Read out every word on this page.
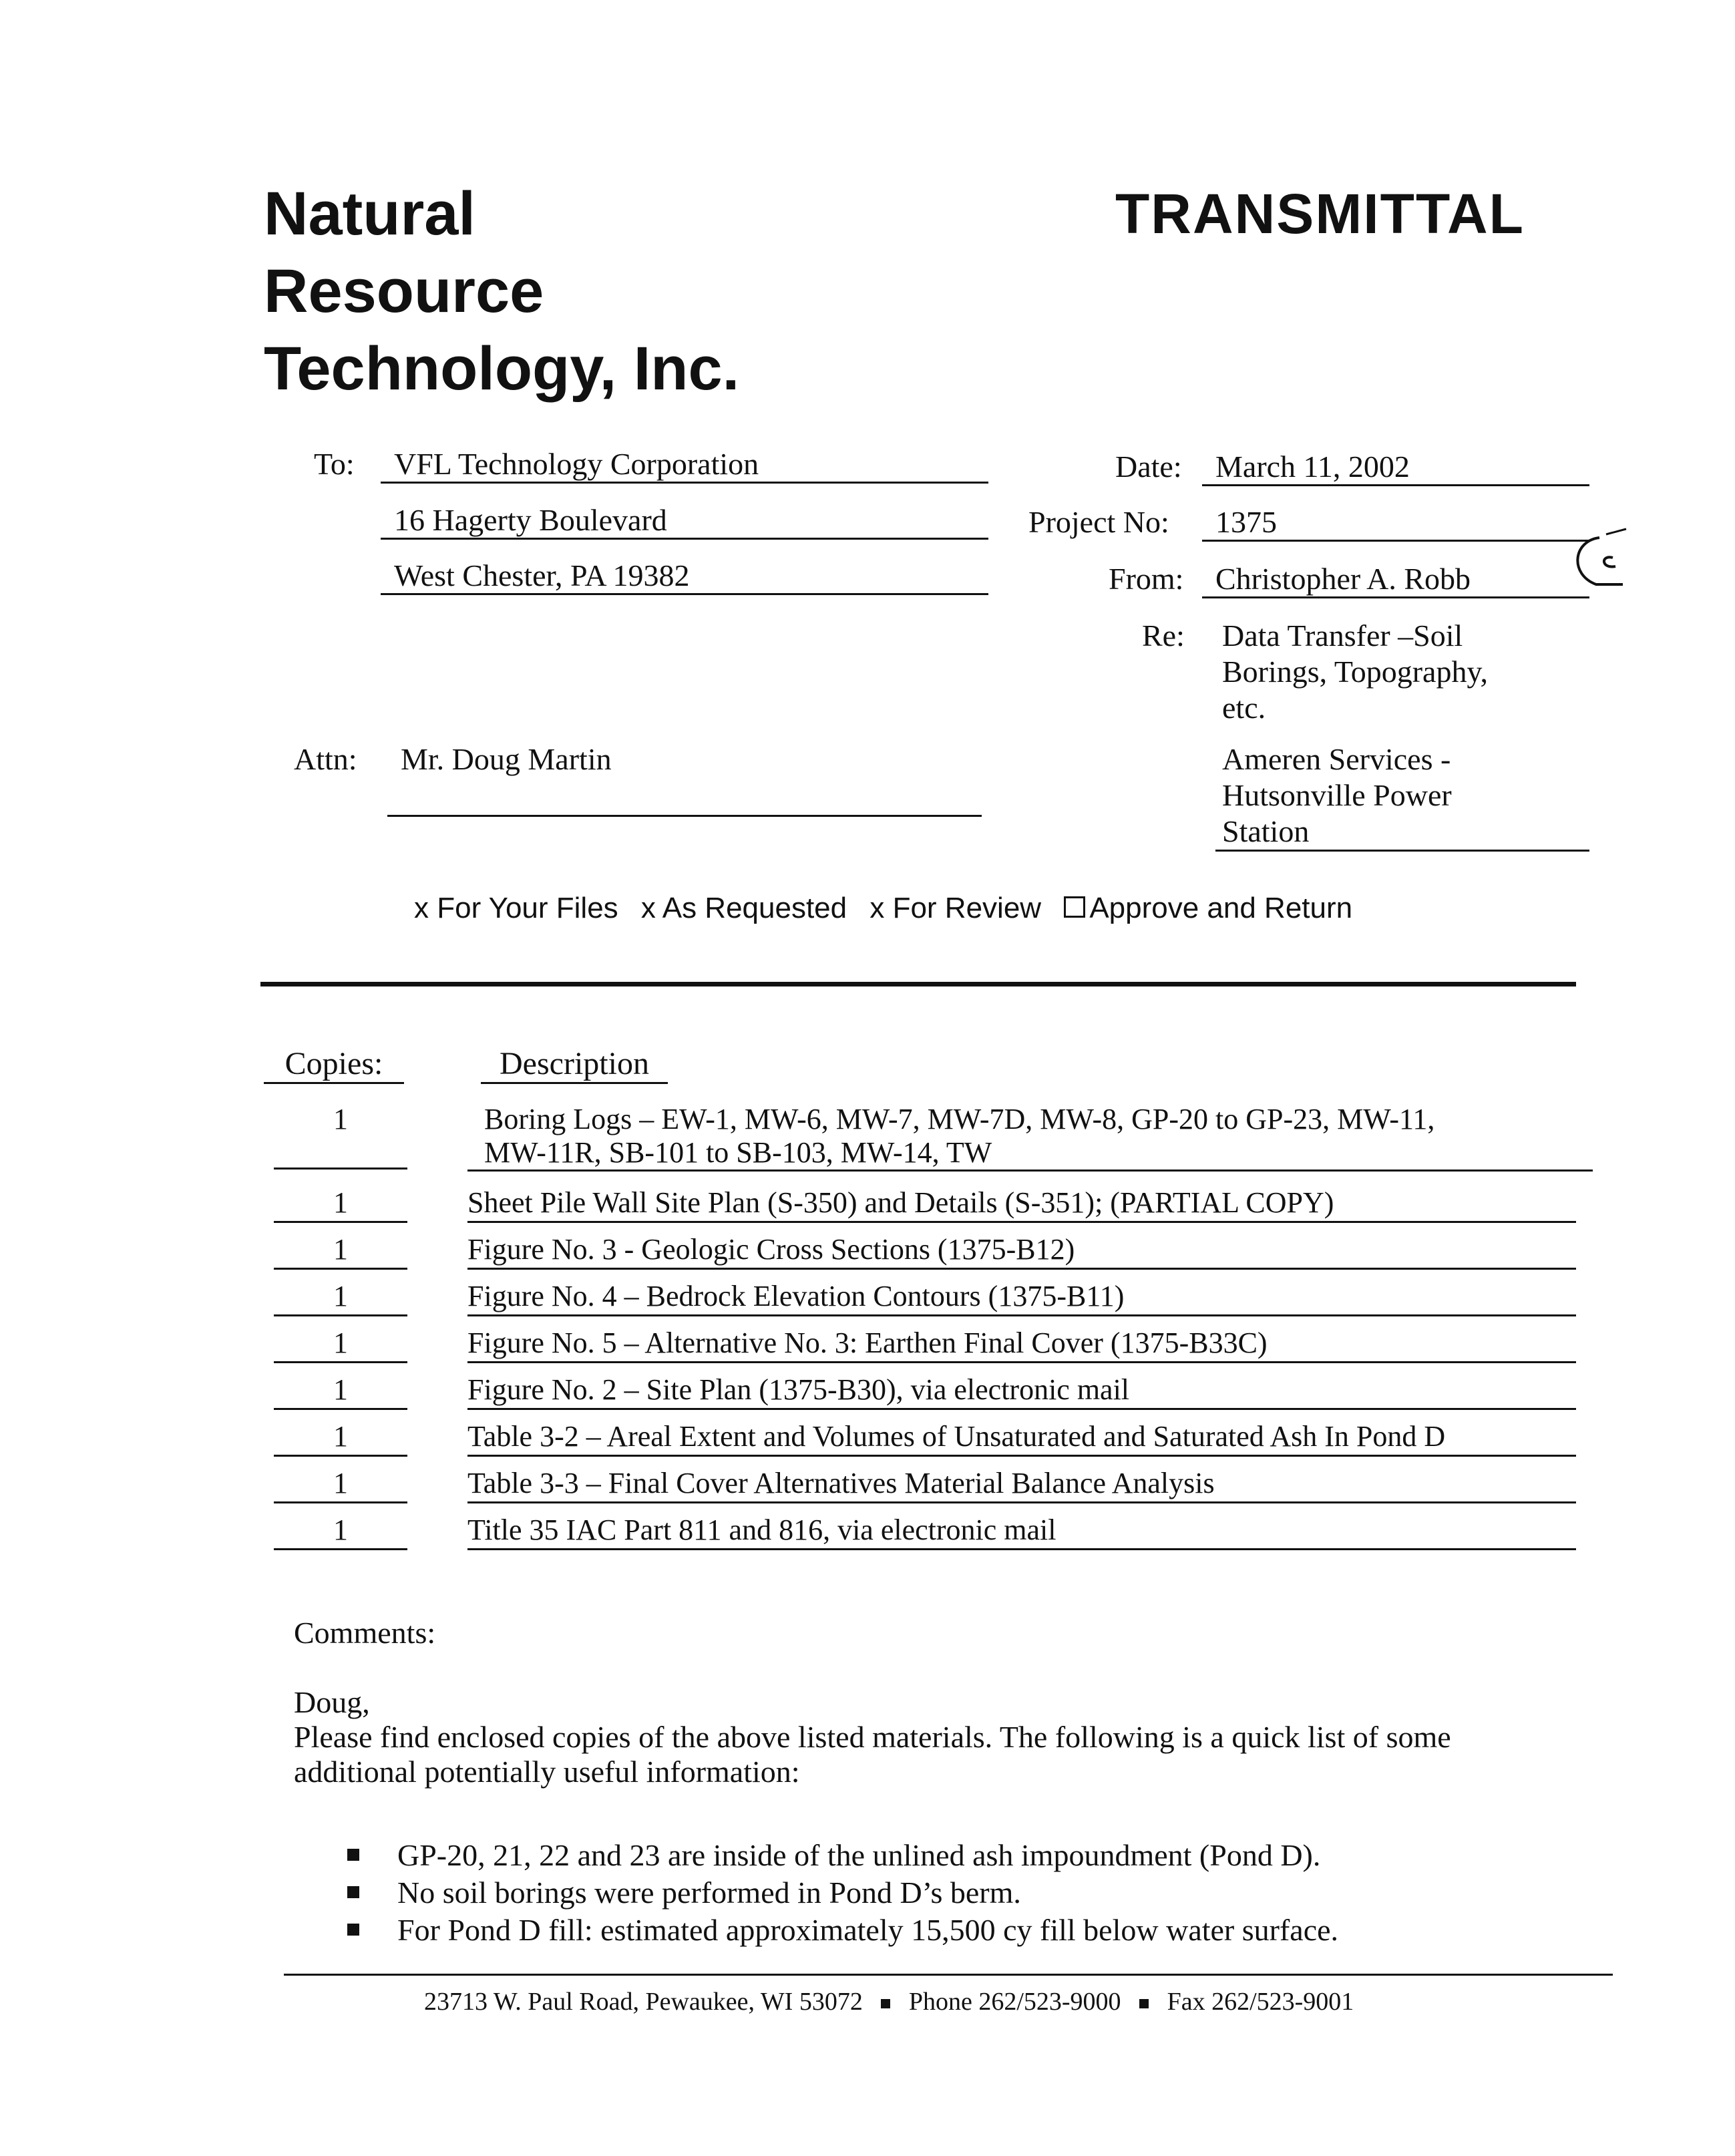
Natural
Resource
Technology, Inc.
TRANSMITTAL
To:	VFL Technology Corporation
16 Hagerty Boulevard
West Chester, PA 19382
Attn: Mr. Doug Martin
Date:	March 11, 2002
Project No:	1375
From:	Christopher A. Robb
Re: Data Transfer –Soil
Borings, Topography,
etc.
Ameren Services -
Hutsonville Power
Station
x For Your Files x As Requested x For Review Approve and Return
Copies:	Description
1	Boring Logs – EW-1, MW-6, MW-7, MW-7D, MW-8, GP-20 to GP-23, MW-11,
MW-11R, SB-101 to SB-103, MW-14, TW
1	Sheet Pile Wall Site Plan (S-350) and Details (S-351); (PARTIAL COPY)
1	Figure No. 3 - Geologic Cross Sections (1375-B12)
1	Figure No. 4 – Bedrock Elevation Contours (1375-B11)
1	Figure No. 5 – Alternative No. 3: Earthen Final Cover (1375-B33C)
1	Figure No. 2 – Site Plan (1375-B30), via electronic mail
1	Table 3-2 – Areal Extent and Volumes of Unsaturated and Saturated Ash In Pond D
1	Table 3-3 – Final Cover Alternatives Material Balance Analysis
1	Title 35 IAC Part 811 and 816, via electronic mail
Comments:
Doug,
Please find enclosed copies of the above listed materials. The following is a quick list of some additional potentially useful information:
GP-20, 21, 22 and 23 are inside of the unlined ash impoundment (Pond D).
No soil borings were performed in Pond D’s berm.
For Pond D fill: estimated approximately 15,500 cy fill below water surface.
23713 W. Paul Road, Pewaukee, WI 53072 Phone 262/523-9000 Fax 262/523-9001
